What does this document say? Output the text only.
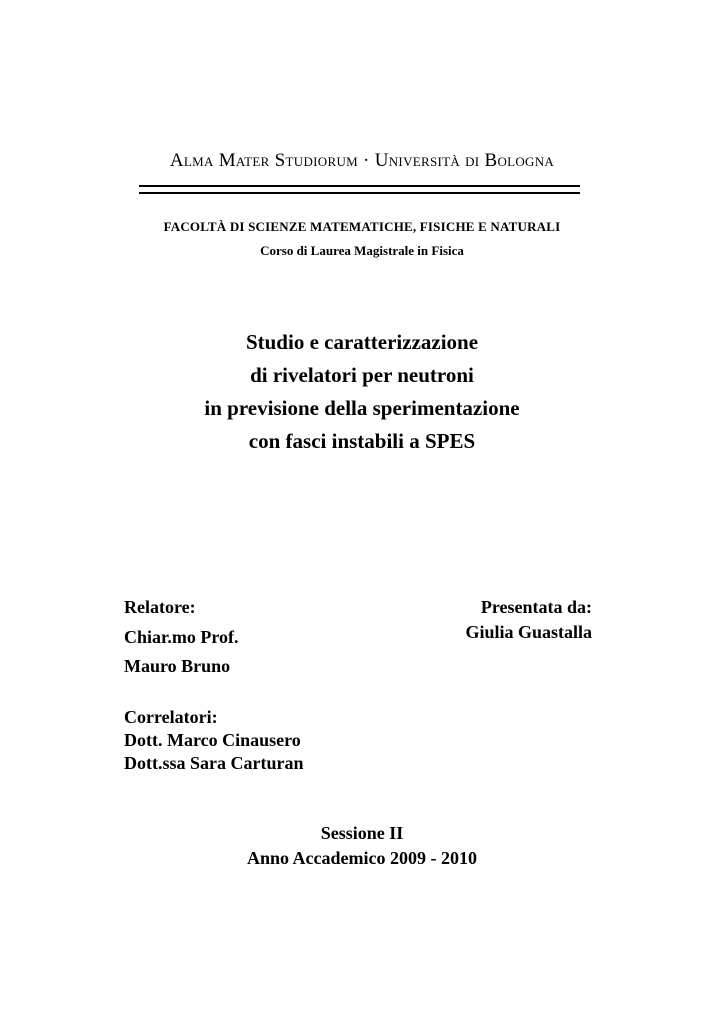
Alma Mater Studiorum · Università di Bologna
FACOLTÀ DI SCIENZE MATEMATICHE, FISICHE E NATURALI
Corso di Laurea Magistrale in Fisica
Studio e caratterizzazione
di rivelatori per neutroni
in previsione della sperimentazione
con fasci instabili a SPES
Relatore:
Chiar.mo Prof.
Mauro Bruno
Presentata da:
Giulia Guastalla
Correlatori:
Dott. Marco Cinausero
Dott.ssa Sara Carturan
Sessione II
Anno Accademico 2009 - 2010
